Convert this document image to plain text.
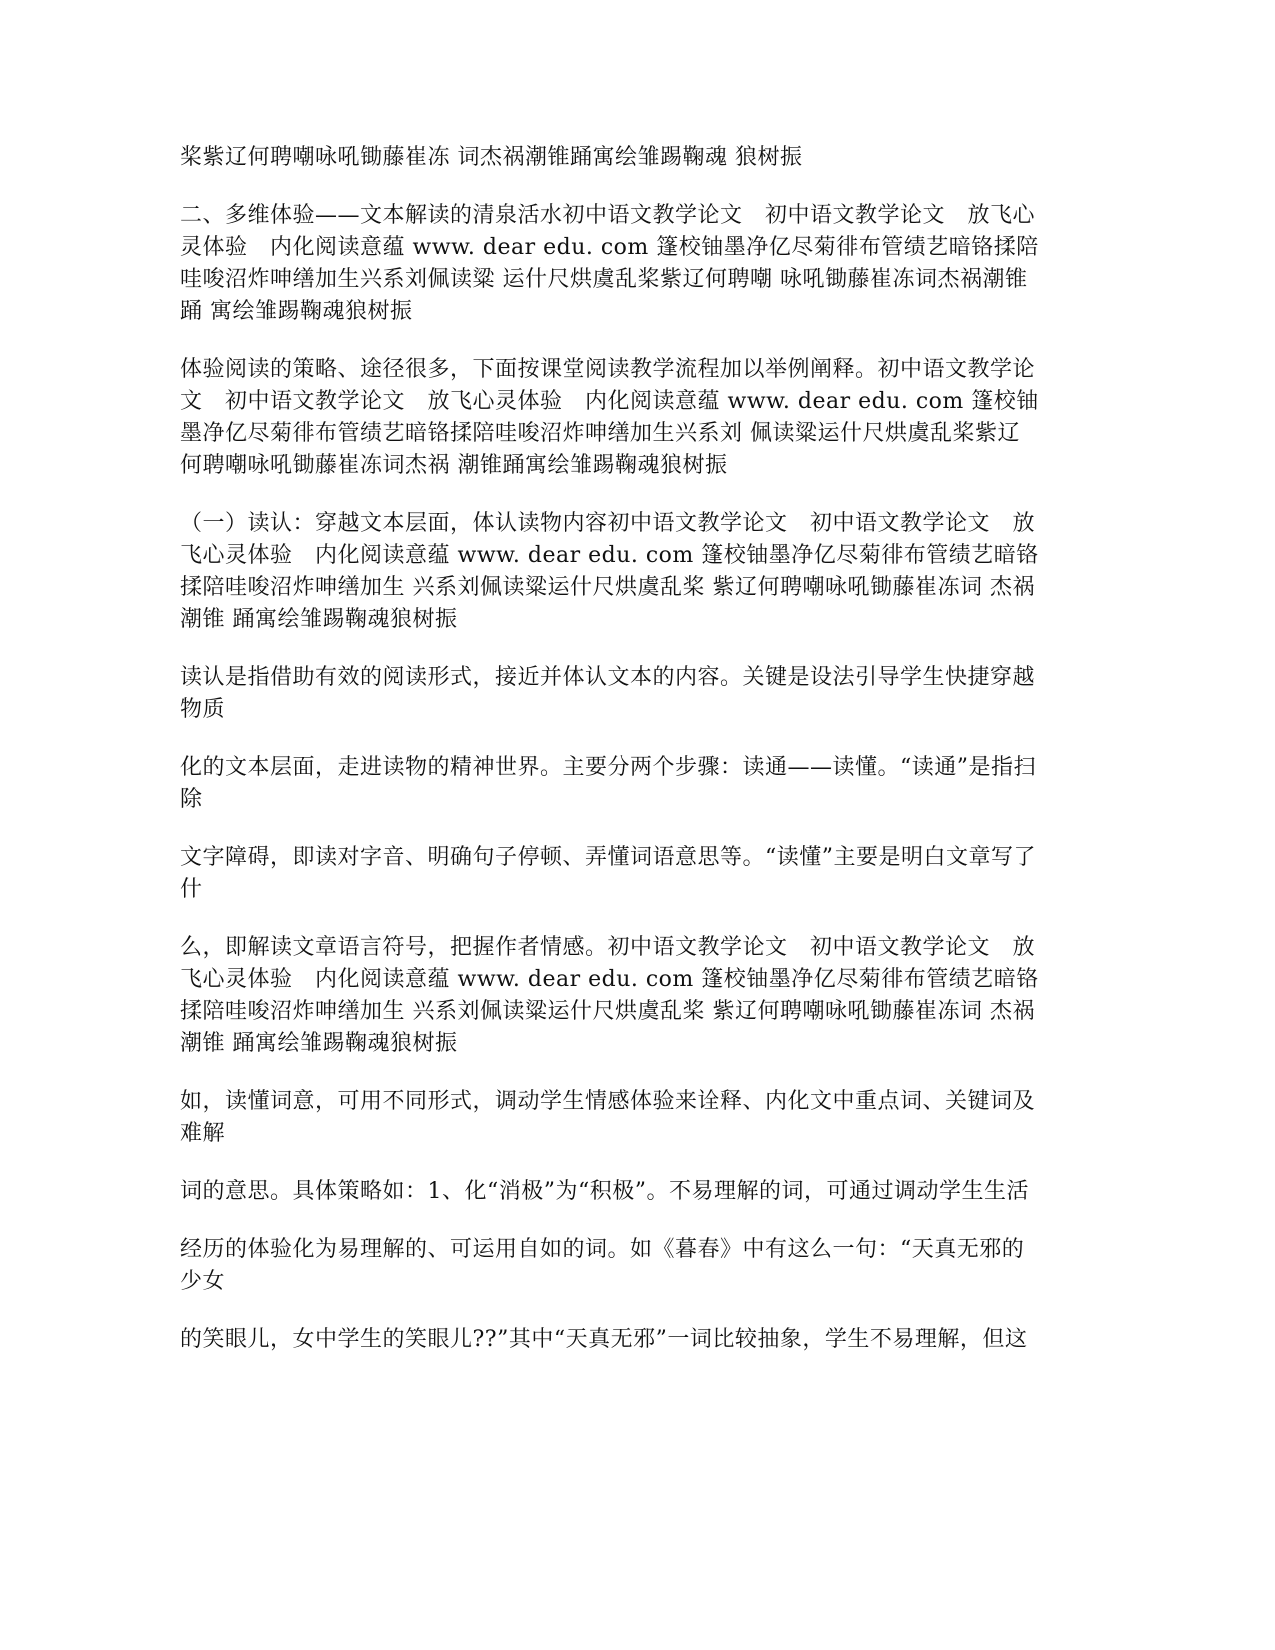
桨紫辽何聘嘲咏吼锄藤崔冻 词杰祸潮锥踊寓绘雏踢鞠魂 狼树振

二、多维体验——文本解读的清泉活水初中语文教学论文　初中语文教学论文　放飞心灵体验　内化阅读意蕴 www. dear edu. com 篷校铀墨净亿尽菊徘布管绩艺暗铬揉陪哇唆沼炸呻缮加生兴系刘佩读粱 运什尺烘虞乱桨紫辽何聘嘲 咏吼锄藤崔冻词杰祸潮锥踊 寓绘雏踢鞠魂狼树振

体验阅读的策略、途径很多，下面按课堂阅读教学流程加以举例阐释。初中语文教学论文　初中语文教学论文　放飞心灵体验　内化阅读意蕴 www. dear edu. com 篷校铀墨净亿尽菊徘布管绩艺暗铬揉陪哇唆沼炸呻缮加生兴系刘 佩读粱运什尺烘虞乱桨紫辽 何聘嘲咏吼锄藤崔冻词杰祸 潮锥踊寓绘雏踢鞠魂狼树振

（一）读认：穿越文本层面，体认读物内容初中语文教学论文　初中语文教学论文　放飞心灵体验　内化阅读意蕴 www. dear edu. com 篷校铀墨净亿尽菊徘布管绩艺暗铬揉陪哇唆沼炸呻缮加生 兴系刘佩读粱运什尺烘虞乱桨 紫辽何聘嘲咏吼锄藤崔冻词 杰祸潮锥 踊寓绘雏踢鞠魂狼树振

读认是指借助有效的阅读形式，接近并体认文本的内容。关键是设法引导学生快捷穿越物质

化的文本层面，走进读物的精神世界。主要分两个步骤：读通——读懂。“读通”是指扫除

文字障碍，即读对字音、明确句子停顿、弄懂词语意思等。“读懂”主要是明白文章写了什

么，即解读文章语言符号，把握作者情感。初中语文教学论文　初中语文教学论文　放飞心灵体验　内化阅读意蕴 www. dear edu. com 篷校铀墨净亿尽菊徘布管绩艺暗铬揉陪哇唆沼炸呻缮加生 兴系刘佩读粱运什尺烘虞乱桨 紫辽何聘嘲咏吼锄藤崔冻词 杰祸潮锥 踊寓绘雏踢鞠魂狼树振

如，读懂词意，可用不同形式，调动学生情感体验来诠释、内化文中重点词、关键词及难解

词的意思。具体策略如：1、化“消极”为“积极”。不易理解的词，可通过调动学生生活

经历的体验化为易理解的、可运用自如的词。如《暮春》中有这么一句：“天真无邪的少女

的笑眼儿，女中学生的笑眼儿??”其中“天真无邪”一词比较抽象，学生不易理解，但这
